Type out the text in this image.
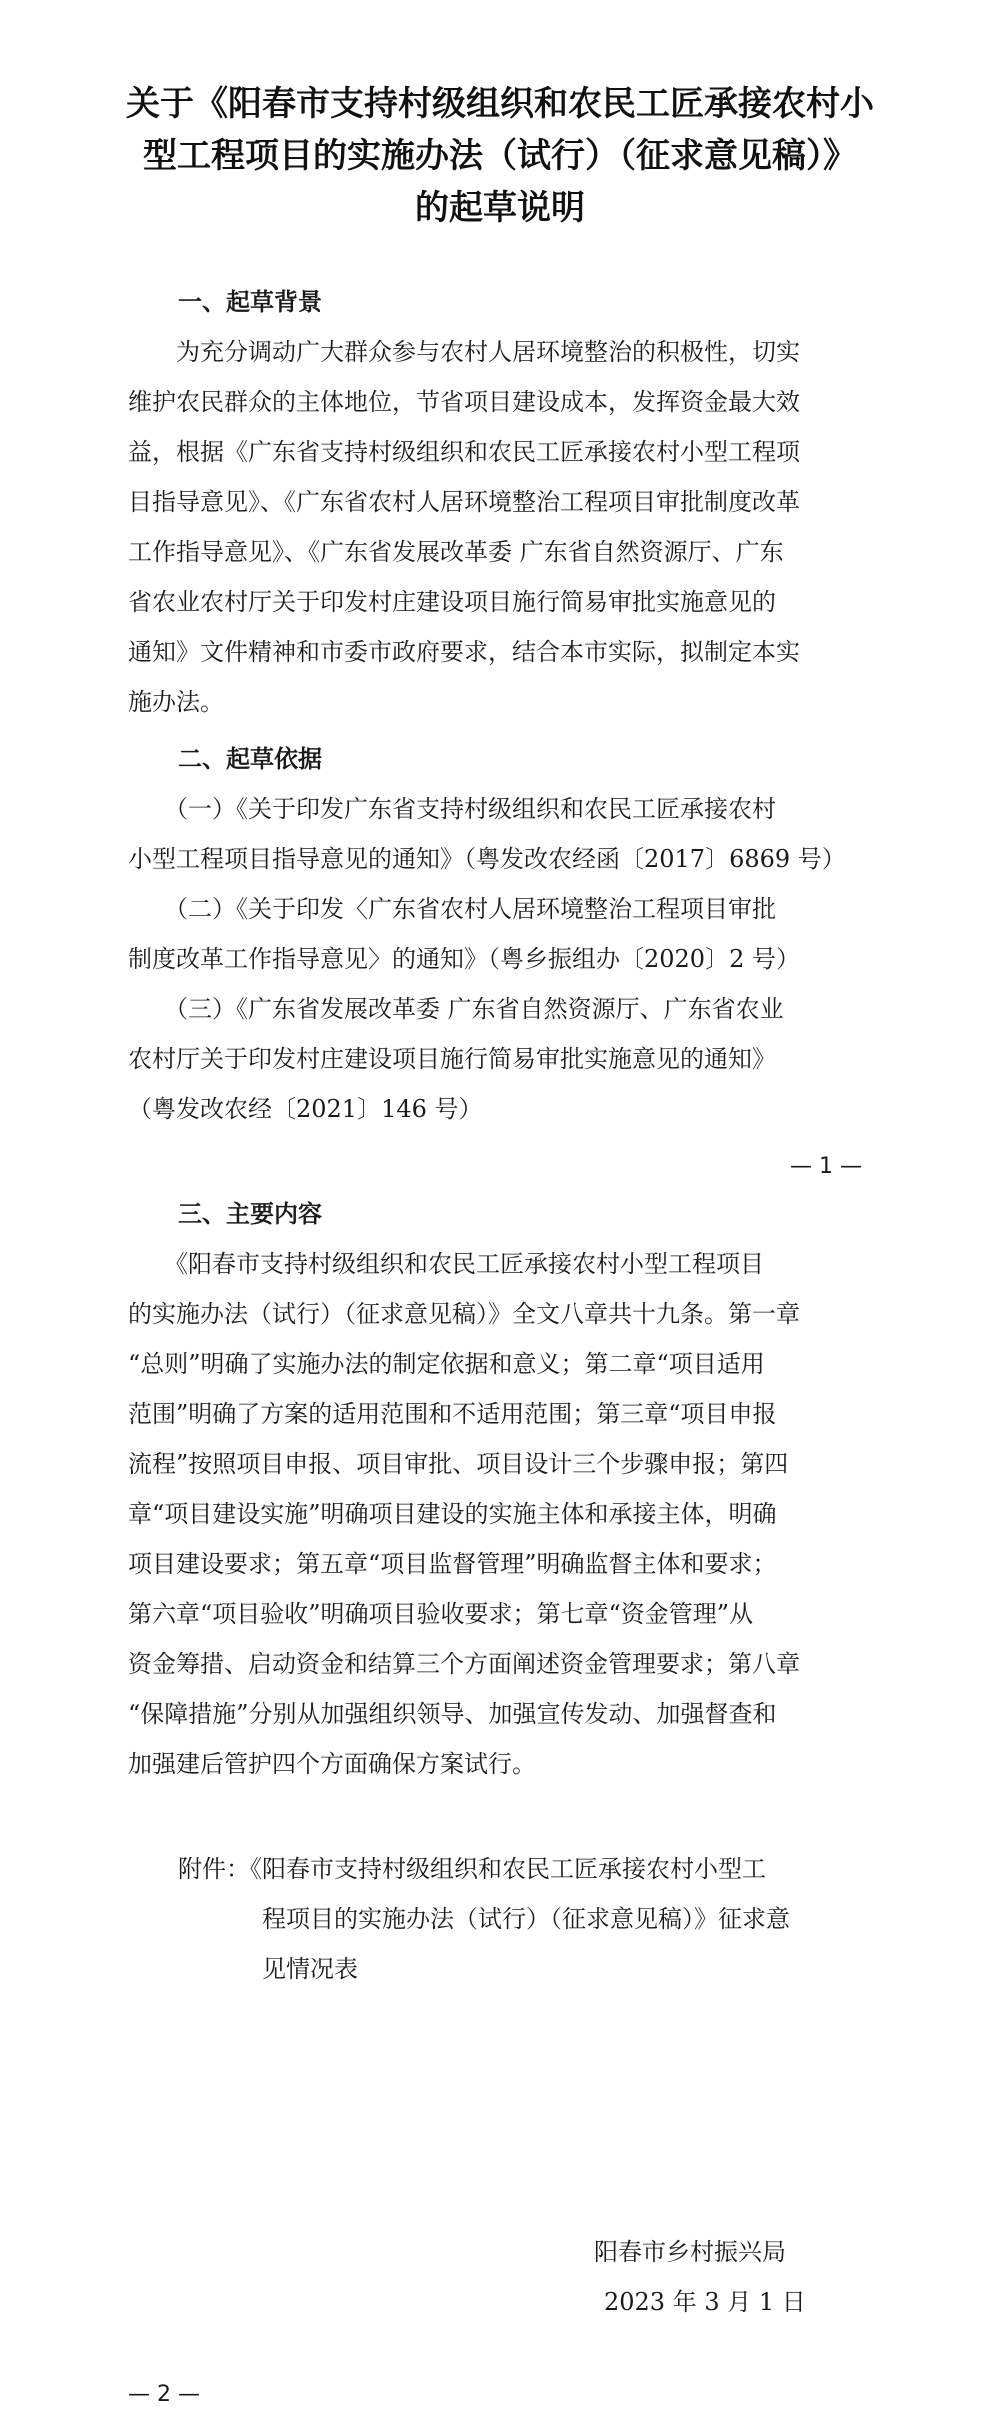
关于《阳春市支持村级组织和农民工匠承接农村小
型工程项目的实施办法（试行）（征求意见稿）》
的起草说明
一、起草背景
　　为充分调动广大群众参与农村人居环境整治的积极性，切实
维护农民群众的主体地位，节省项目建设成本，发挥资金最大效
益，根据《广东省支持村级组织和农民工匠承接农村小型工程项
目指导意见》、《广东省农村人居环境整治工程项目审批制度改革
工作指导意见》、《广东省发展改革委 广东省自然资源厅、广东
省农业农村厅关于印发村庄建设项目施行简易审批实施意见的
通知》文件精神和市委市政府要求，结合本市实际，拟制定本实
施办法。
二、起草依据
　　（一）《关于印发广东省支持村级组织和农民工匠承接农村
小型工程项目指导意见的通知》（粤发改农经函〔2017〕6869 号）
　　（二）《关于印发〈广东省农村人居环境整治工程项目审批
制度改革工作指导意见〉的通知》（粤乡振组办〔2020〕2 号）
　　（三）《广东省发展改革委 广东省自然资源厅、广东省农业
农村厅关于印发村庄建设项目施行简易审批实施意见的通知》
（粤发改农经〔2021〕146 号）
— 1 —
三、主要内容
　　《阳春市支持村级组织和农民工匠承接农村小型工程项目
的实施办法（试行）（征求意见稿）》全文八章共十九条。第一章
“总则”明确了实施办法的制定依据和意义；第二章“项目适用
范围”明确了方案的适用范围和不适用范围；第三章“项目申报
流程”按照项目申报、项目审批、项目设计三个步骤申报；第四
章“项目建设实施”明确项目建设的实施主体和承接主体，明确
项目建设要求；第五章“项目监督管理”明确监督主体和要求；
第六章“项目验收”明确项目验收要求；第七章“资金管理”从
资金筹措、启动资金和结算三个方面阐述资金管理要求；第八章
“保障措施”分别从加强组织领导、加强宣传发动、加强督查和
加强建后管护四个方面确保方案试行。
附件：《阳春市支持村级组织和农民工匠承接农村小型工
程项目的实施办法（试行）（征求意见稿）》征求意
见情况表
阳春市乡村振兴局
2023 年 3 月 1 日
— 2 —
